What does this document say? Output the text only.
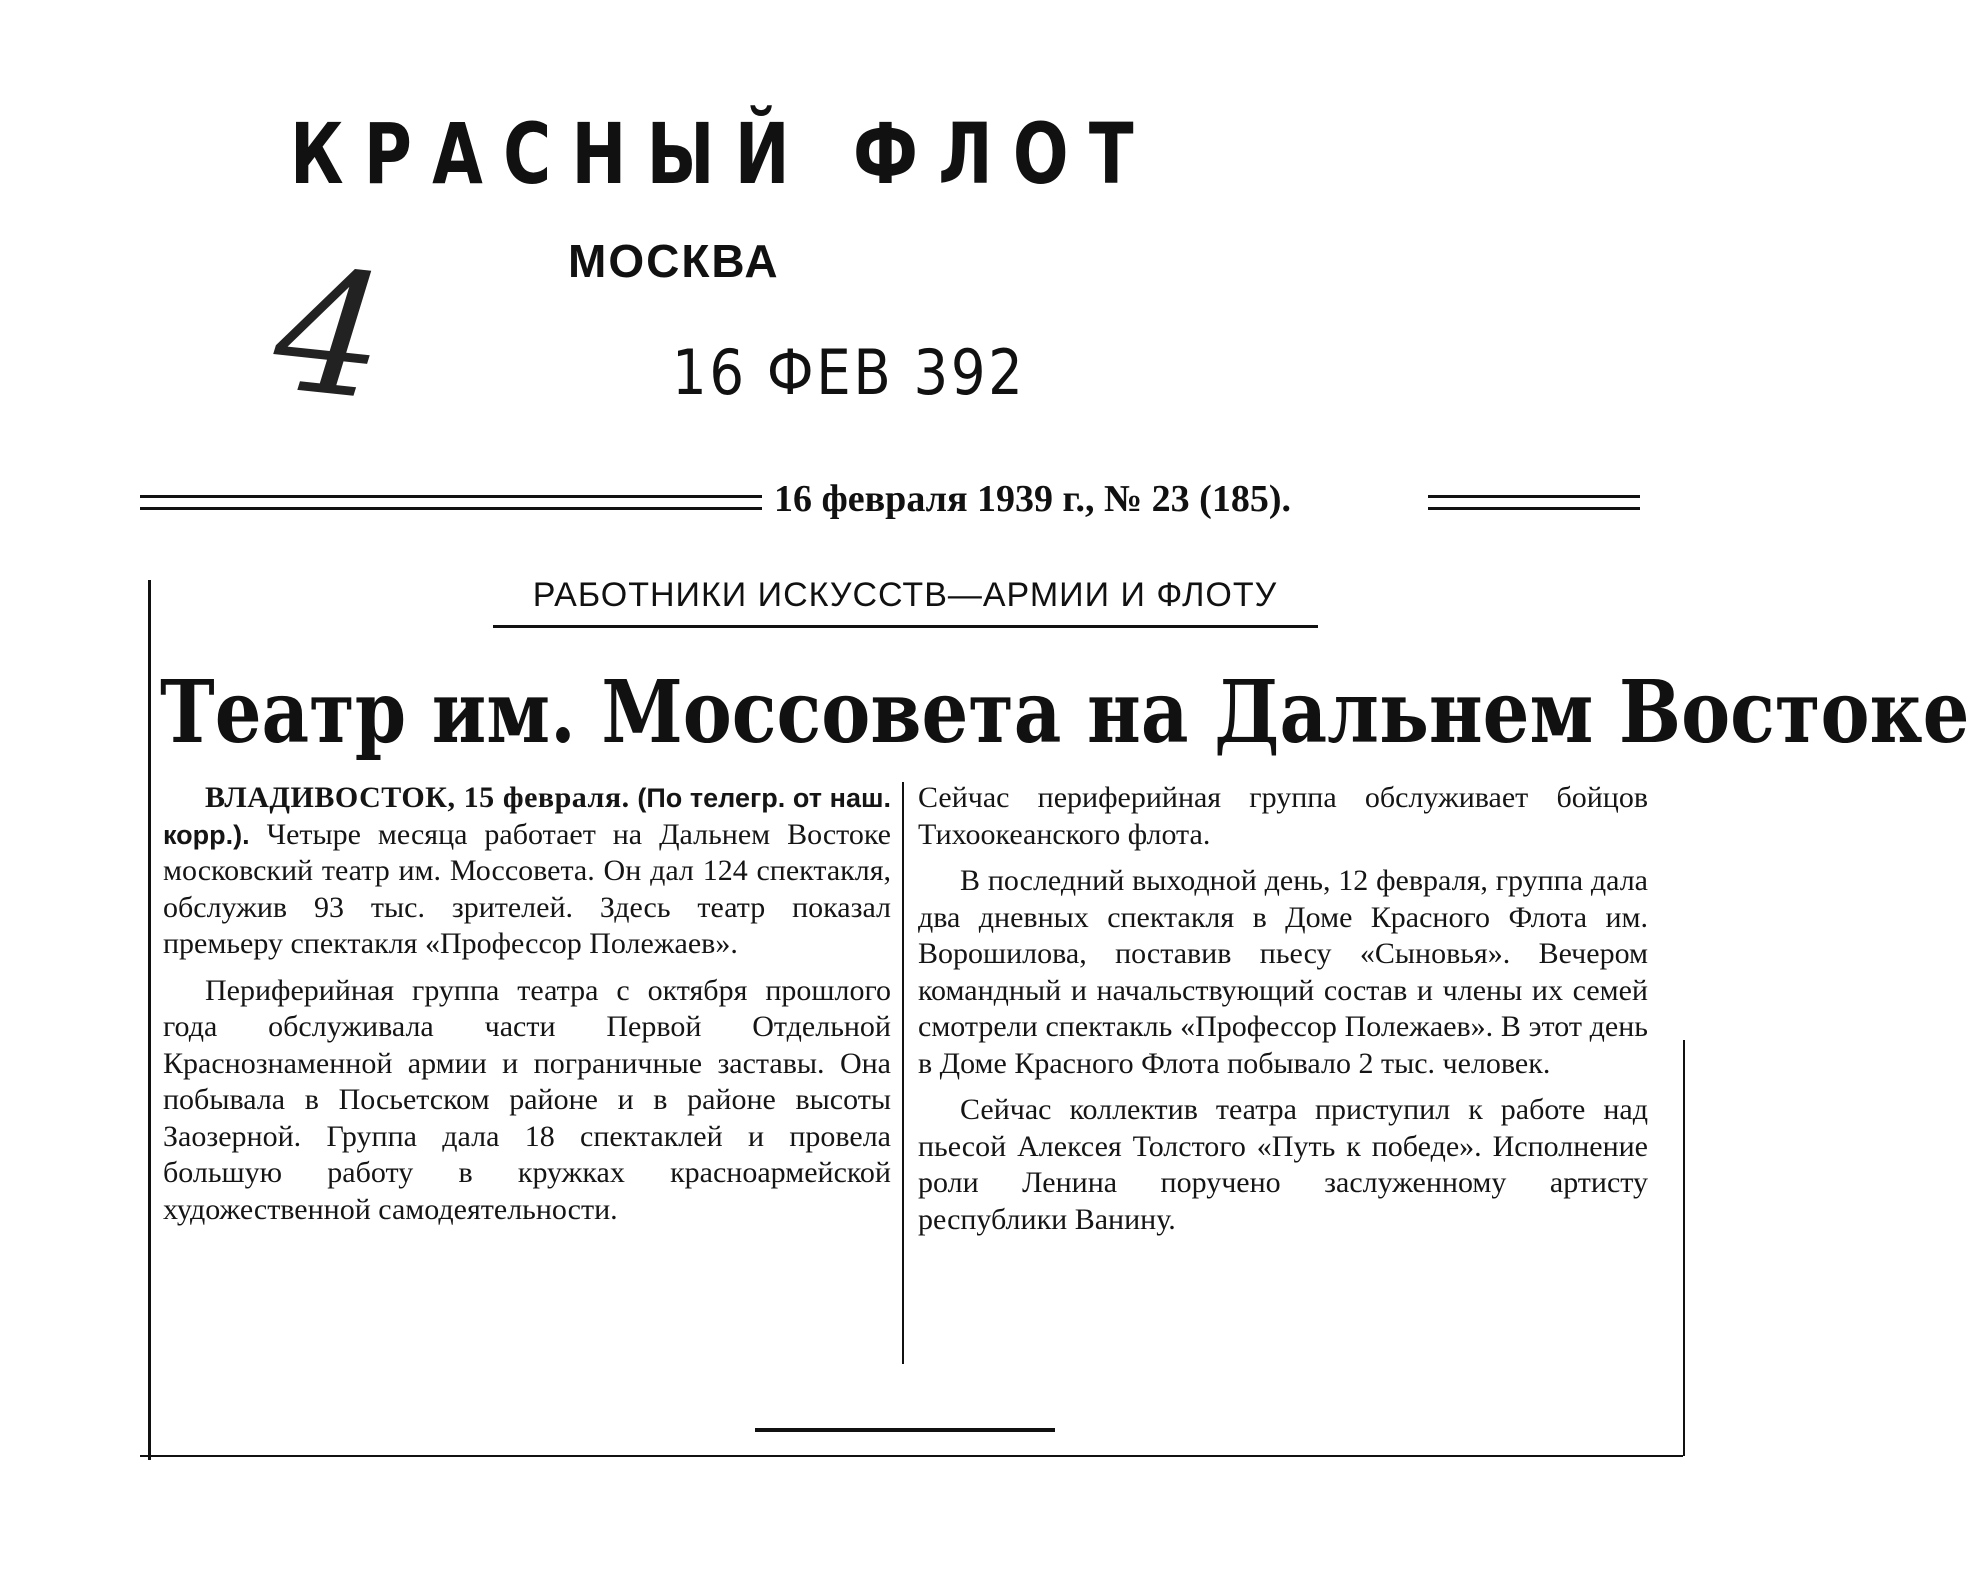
КРАСНЫЙ ФЛОТ
МОСКВА
4	16 ФЕВ 392
16 февраля 1939 г., № 23 (185).
РАБОТНИКИ ИСКУССТВ—АРМИИ И ФЛОТУ
Театр им. Моссовета на Дальнем Востоке

ВЛАДИВОСТОК, 15 февраля. (По телегр. от наш. корр.). Четыре месяца работает на Дальнем Востоке московский театр им. Моссовета. Он дал 124 спектакля, обслужив 93 тыс. зрителей. Здесь театр показал премьеру спектакля «Профессор Полежаев».

Периферийная группа театра с октября прошлого года обслуживала части Первой Отдельной Краснознаменной армии и пограничные заставы. Она побывала в Посьетском районе и в районе высоты Заозерной. Группа дала 18 спектаклей и провела большую работу в кружках красноармейской художественной самодеятельности.

Сейчас периферийная группа обслуживает бойцов Тихоокеанского флота.

В последний выходной день, 12 февраля, группа дала два дневных спектакля в Доме Красного Флота им. Ворошилова, поставив пьесу «Сыновья». Вечером командный и начальствующий состав и члены их семей смотрели спектакль «Профессор Полежаев». В этот день в Доме Красного Флота побывало 2 тыс. человек.

Сейчас коллектив театра приступил к работе над пьесой Алексея Толстого «Путь к победе». Исполнение роли Ленина поручено заслуженному артисту республики Ванину.
